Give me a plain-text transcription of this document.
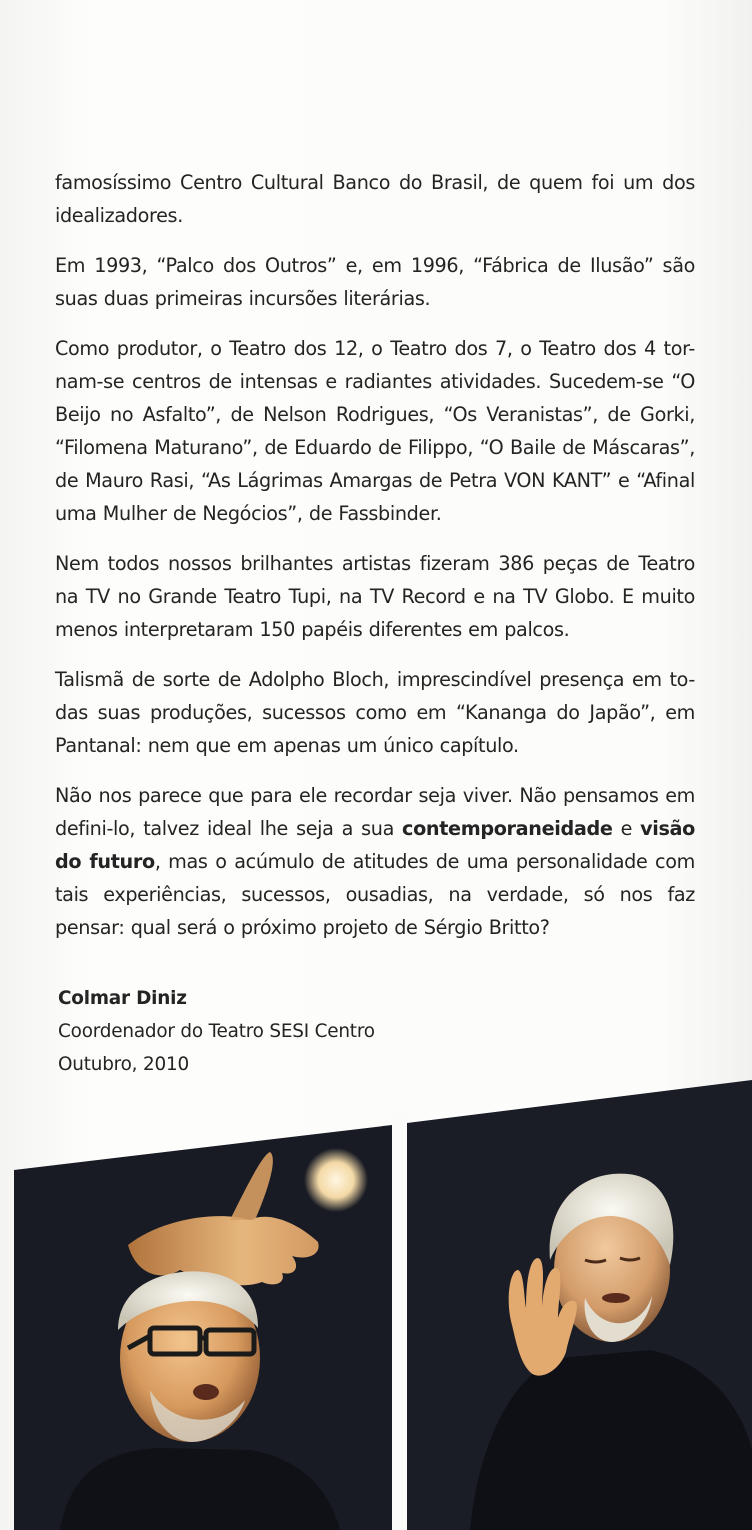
famosíssimo Centro Cultural Banco do Brasil, de quem foi um dos idealizadores.

Em 1993, “Palco dos Outros” e, em 1996, “Fábrica de Ilusão” são suas duas primeiras incursões literárias.

Como produtor, o Teatro dos 12, o Teatro dos 7, o Teatro dos 4 tor-nam-se centros de intensas e radiantes atividades. Sucedem-se “O Beijo no Asfalto”, de Nelson Rodrigues, “Os Veranistas”, de Gorki, “Filomena Maturano”, de Eduardo de Filippo, “O Baile de Máscaras”, de Mauro Rasi, “As Lágrimas Amargas de Petra VON KANT” e “Afinal uma Mulher de Negócios”, de Fassbinder.

Nem todos nossos brilhantes artistas fizeram 386 peças de Teatro na TV no Grande Teatro Tupi, na TV Record e na TV Globo. E muito menos interpretaram 150 papéis diferentes em palcos.

Talismã de sorte de Adolpho Bloch, imprescindível presença em to-das suas produções, sucessos como em “Kananga do Japão”, em Pantanal: nem que em apenas um único capítulo.

Não nos parece que para ele recordar seja viver. Não pensamos em defini-lo, talvez ideal lhe seja a sua contemporaneidade e visão do futuro, mas o acúmulo de atitudes de uma personalidade com tais experiências, sucessos, ousadias, na verdade, só nos faz pensar: qual será o próximo projeto de Sérgio Britto?

Colmar Diniz
Coordenador do Teatro SESI Centro
Outubro, 2010
